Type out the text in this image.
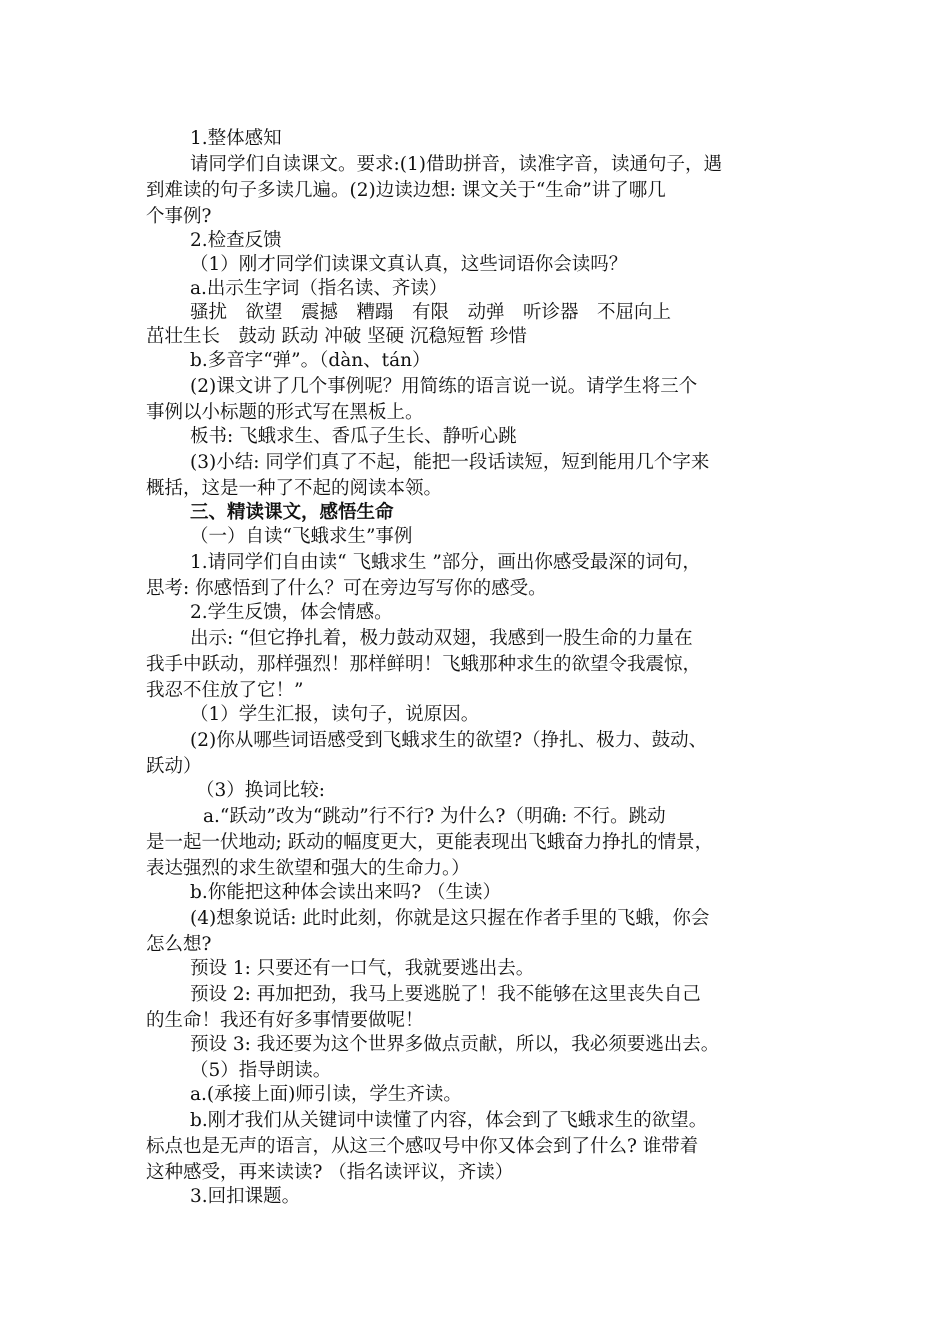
1.整体感知
请同学们自读课文。要求:(1)借助拼音，读准字音，读通句子，遇
到难读的句子多读几遍。(2)边读边想: 课文关于“生命”讲了哪几
个事例?
2.检查反馈
（1）刚才同学们读课文真认真，这些词语你会读吗？
a.出示生字词（指名读、齐读）
骚扰　欲望　震撼　糟蹋　有限　动弹　听诊器　不屈向上
茁壮生长　鼓动 跃动 冲破 坚硬 沉稳短暂 珍惜
b.多音字“弹”。（dàn、tán）
(2)课文讲了几个事例呢？用简练的语言说一说。请学生将三个
事例以小标题的形式写在黑板上。
板书: 飞蛾求生、香瓜子生长、静听心跳
(3)小结: 同学们真了不起，能把一段话读短，短到能用几个字来
概括，这是一种了不起的阅读本领。
三、精读课文，感悟生命
（一）自读“飞蛾求生”事例
1.请同学们自由读“ 飞蛾求生 ”部分，画出你感受最深的词句，
思考: 你感悟到了什么？可在旁边写写你的感受。
2.学生反馈，体会情感。
出示: “但它挣扎着，极力鼓动双翅，我感到一股生命的力量在
我手中跃动，那样强烈！那样鲜明！飞蛾那种求生的欲望令我震惊，
我忍不住放了它！”
（1）学生汇报，读句子，说原因。
(2)你从哪些词语感受到飞蛾求生的欲望?（挣扎、极力、鼓动、
跃动）
（3）换词比较:
a.“跃动”改为“跳动”行不行? 为什么?（明确: 不行。跳动
是一起一伏地动; 跃动的幅度更大，更能表现出飞蛾奋力挣扎的情景，
表达强烈的求生欲望和强大的生命力。）
b.你能把这种体会读出来吗? （生读）
(4)想象说话: 此时此刻，你就是这只握在作者手里的飞蛾，你会
怎么想?
预设 1: 只要还有一口气，我就要逃出去。
预设 2: 再加把劲，我马上要逃脱了！我不能够在这里丧失自己
的生命！我还有好多事情要做呢！
预设 3: 我还要为这个世界多做点贡献，所以，我必须要逃出去。
（5）指导朗读。
a.(承接上面)师引读，学生齐读。
b.刚才我们从关键词中读懂了内容，体会到了飞蛾求生的欲望。
标点也是无声的语言，从这三个感叹号中你又体会到了什么? 谁带着
这种感受，再来读读? （指名读评议，齐读）
3.回扣课题。
